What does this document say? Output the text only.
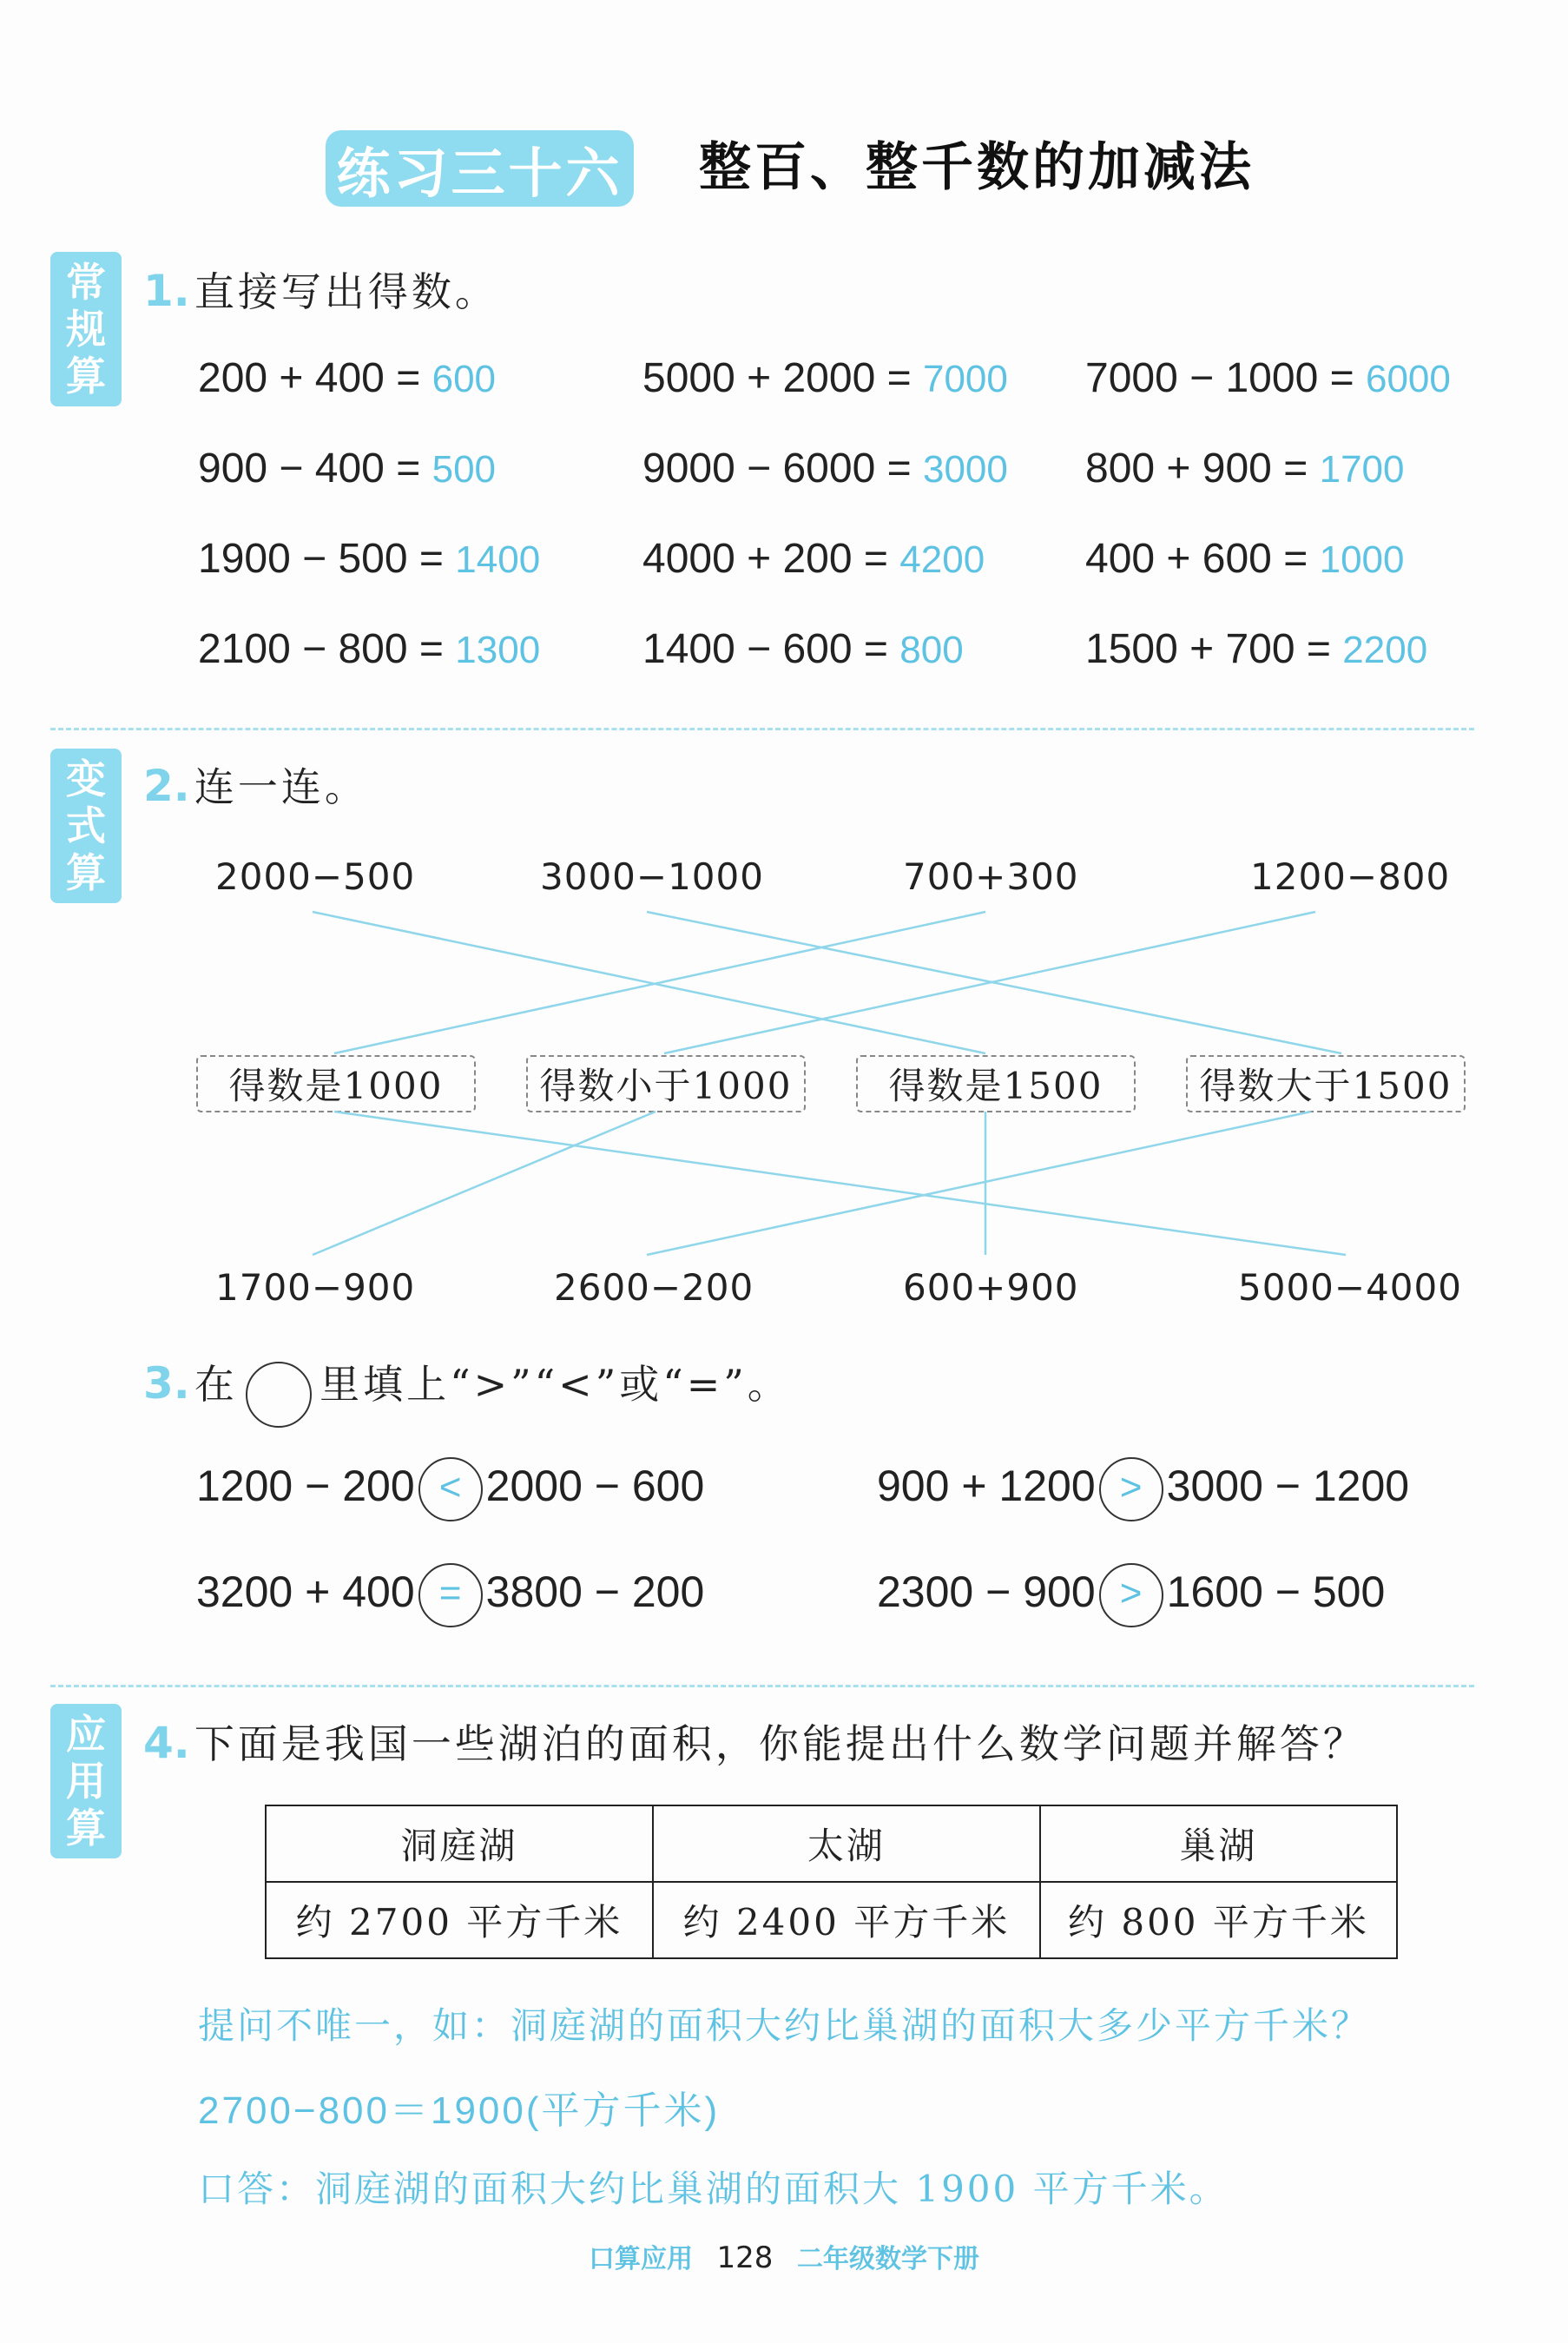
练习三十六 整百、整千数的加减法
常规算
变式算
应用算
1. 直接写出得数。
200 + 400 = 600	5000 + 2000 = 7000 7000 − 1000 = 6000
900 − 400 = 500	9000 − 6000 = 3000 800 + 900 = 1700
1900 − 500 = 1400 4000 + 200 = 4200 400 + 600 = 1000
2100 − 800 = 1300 1400 − 600 = 800	1500 + 700 = 2200
2. 连一连。
2000−500	3000−1000	700+300	1200−800
得数是1000	得数小于1000	得数是1500	得数大于1500
1700−900	2600−200	600+900	5000−4000
3. 在 里填上“>”“<”或“=”。
1200 − 200 < 2000 − 600	900 + 1200 > 3000 − 1200
3200 + 400 = 3800 − 200	2300 − 900 > 1600 − 500
4. 下面是我国一些湖泊的面积，你能提出什么数学问题并解答？
洞庭湖	太湖	巢湖
约 2700 平方千米	约 2400 平方千米	约 800 平方千米
提问不唯一，如：洞庭湖的面积大约比巢湖的面积大多少平方千米？
2700−800＝1900(平方千米)
口答：洞庭湖的面积大约比巢湖的面积大 1900 平方千米。
口算应用 128 二年级数学下册
